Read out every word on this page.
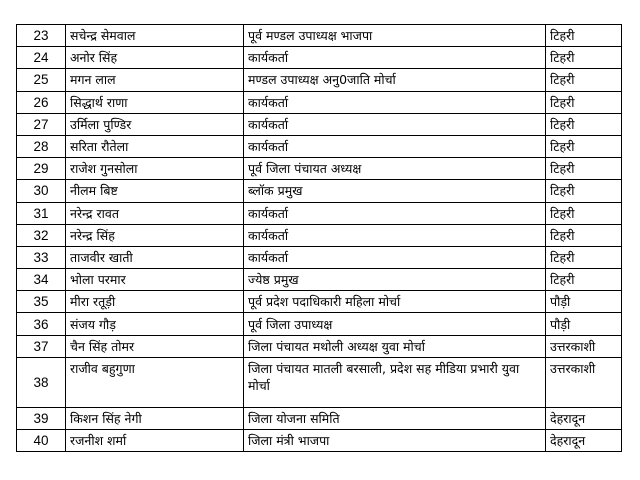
23	सचेन्द्र सेमवाल	पूर्व मण्डल उपाध्यक्ष भाजपा	टिहरी
24	अनोर सिंह	कार्यकर्ता	टिहरी
25	मगन लाल	मण्डल उपाध्यक्ष अनु0जाति मोर्चा	टिहरी
26	सिद्धार्थ राणा	कार्यकर्ता	टिहरी
27	उर्मिला पुण्डिर	कार्यकर्ता	टिहरी
28	सरिता रौतेला	कार्यकर्ता	टिहरी
29	राजेश गुनसोला	पूर्व जिला पंचायत अध्यक्ष	टिहरी
30	नीलम बिष्ट	ब्लॉक प्रमुख	टिहरी
31	नरेन्द्र रावत	कार्यकर्ता	टिहरी
32	नरेन्द्र सिंह	कार्यकर्ता	टिहरी
33	ताजवीर खाती	कार्यकर्ता	टिहरी
34	भोला परमार	ज्येष्ठ प्रमुख	टिहरी
35	मीरा रतूड़ी	पूर्व प्रदेश पदाधिकारी महिला मोर्चा	पौड़ी
36	संजय गौड़	पूर्व जिला उपाध्यक्ष	पौड़ी
37	चैन सिंह तोमर	जिला पंचायत मथोली अध्यक्ष युवा मोर्चा	उत्तरकाशी
38	राजीव बहुगुणा	जिला पंचायत मातली बरसाली, प्रदेश सह मीडिया प्रभारी युवा मोर्चा	उत्तरकाशी
39	किशन सिंह नेगी	जिला योजना समिति	देहरादून
40	रजनीश शर्मा	जिला मंत्री भाजपा	देहरादून
